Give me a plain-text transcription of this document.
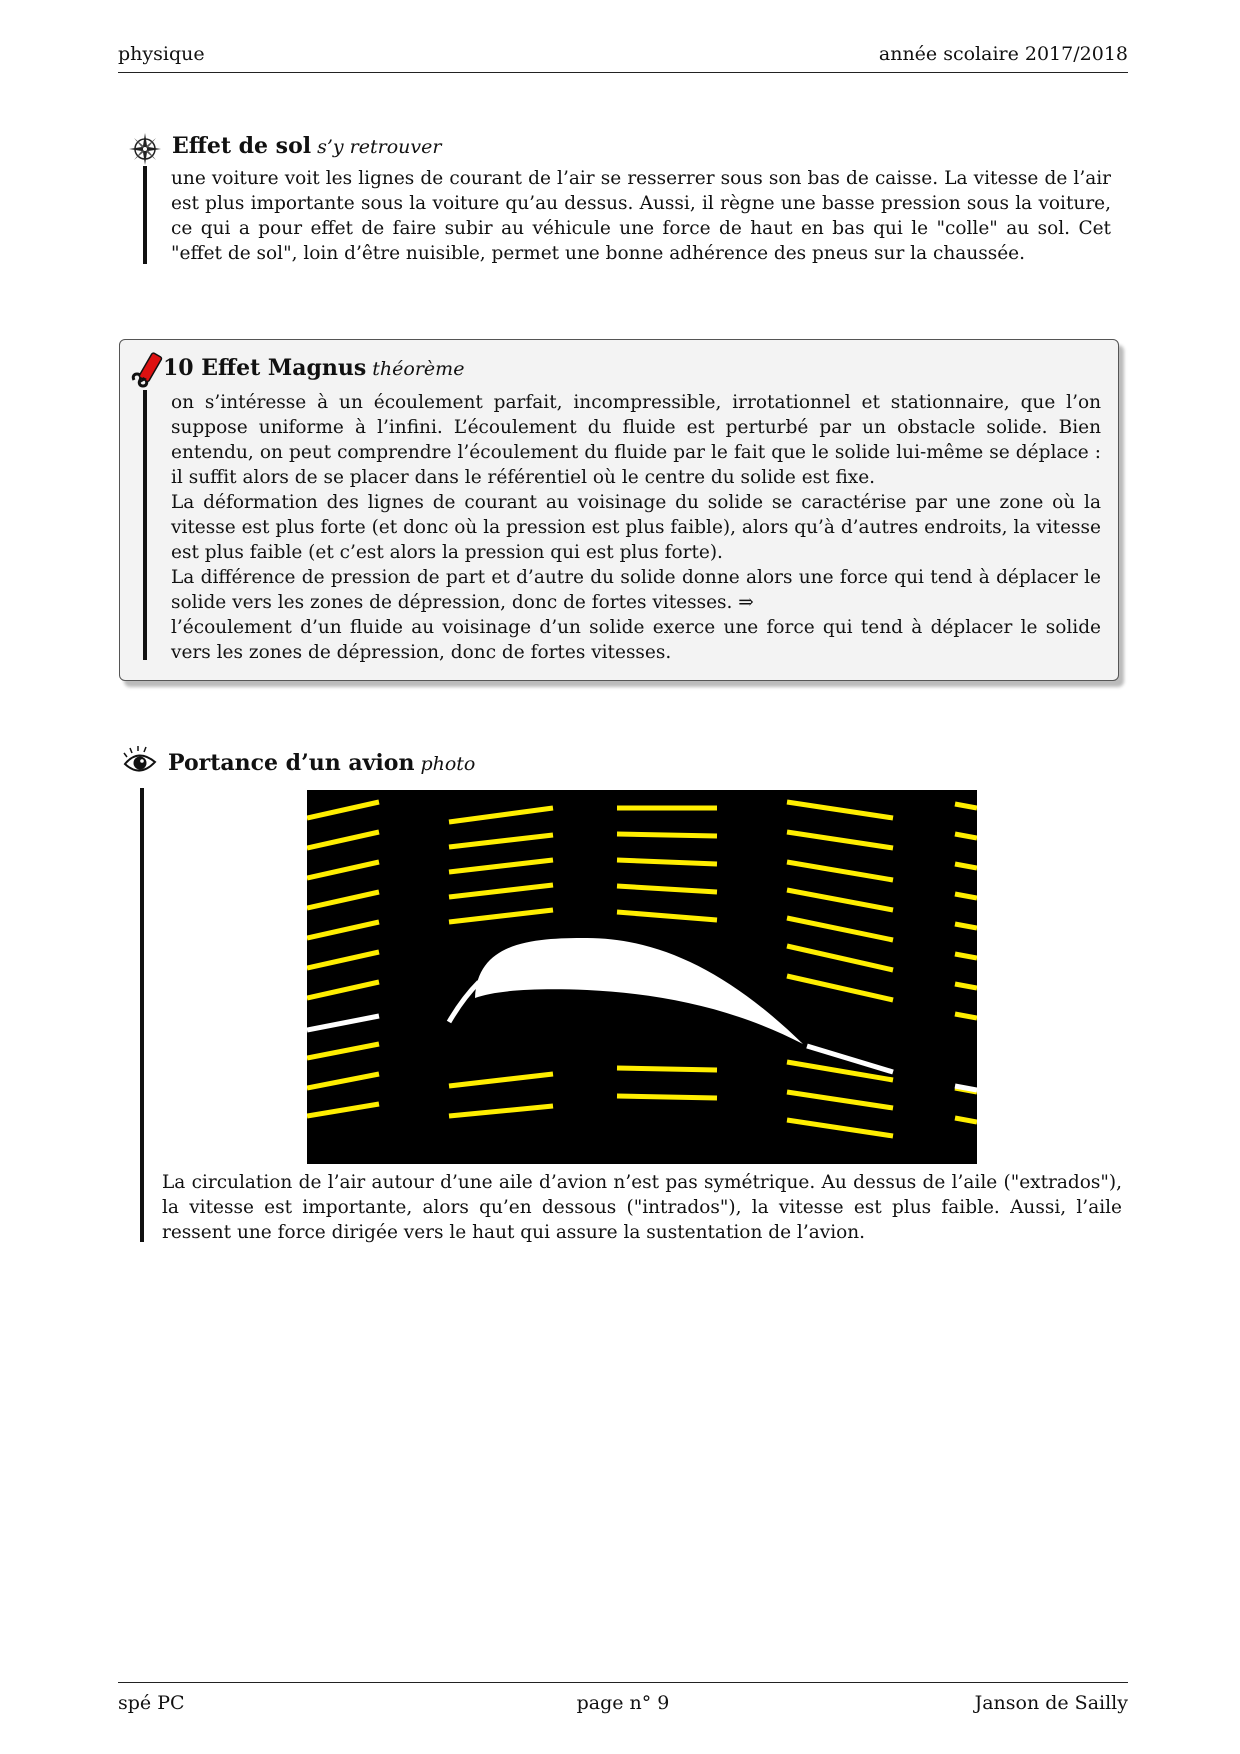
physique	année scolaire 2017/2018

Effet de sol s’y retrouver

une voiture voit les lignes de courant de l’air se resserrer sous son bas de caisse. La vitesse de l’air est plus importante sous la voiture qu’au dessus. Aussi, il règne une basse pression sous la voiture, ce qui a pour effet de faire subir au véhicule une force de haut en bas qui le "colle" au sol. Cet "effet de sol", loin d’être nuisible, permet une bonne adhérence des pneus sur la chaussée.

10 Effet Magnus théorème

on s’intéresse à un écoulement parfait, incompressible, irrotationnel et stationnaire, que l’on suppose uniforme à l’infini. L’écoulement du fluide est perturbé par un obstacle solide. Bien entendu, on peut comprendre l’écoulement du fluide par le fait que le solide lui-même se déplace : il suffit alors de se placer dans le référentiel où le centre du solide est fixe.

La déformation des lignes de courant au voisinage du solide se caractérise par une zone où la vitesse est plus forte (et donc où la pression est plus faible), alors qu’à d’autres endroits, la vitesse est plus faible (et c’est alors la pression qui est plus forte).

La différence de pression de part et d’autre du solide donne alors une force qui tend à déplacer le solide vers les zones de dépression, donc de fortes vitesses. ⇒

l’écoulement d’un fluide au voisinage d’un solide exerce une force qui tend à déplacer le solide vers les zones de dépression, donc de fortes vitesses.

Portance d’un avion photo

La circulation de l’air autour d’une aile d’avion n’est pas symétrique. Au dessus de l’aile ("extrados"), la vitesse est importante, alors qu’en dessous ("intrados"), la vitesse est plus faible. Aussi, l’aile ressent une force dirigée vers le haut qui assure la sustentation de l’avion.

spé PC	page n° 9	Janson de Sailly
